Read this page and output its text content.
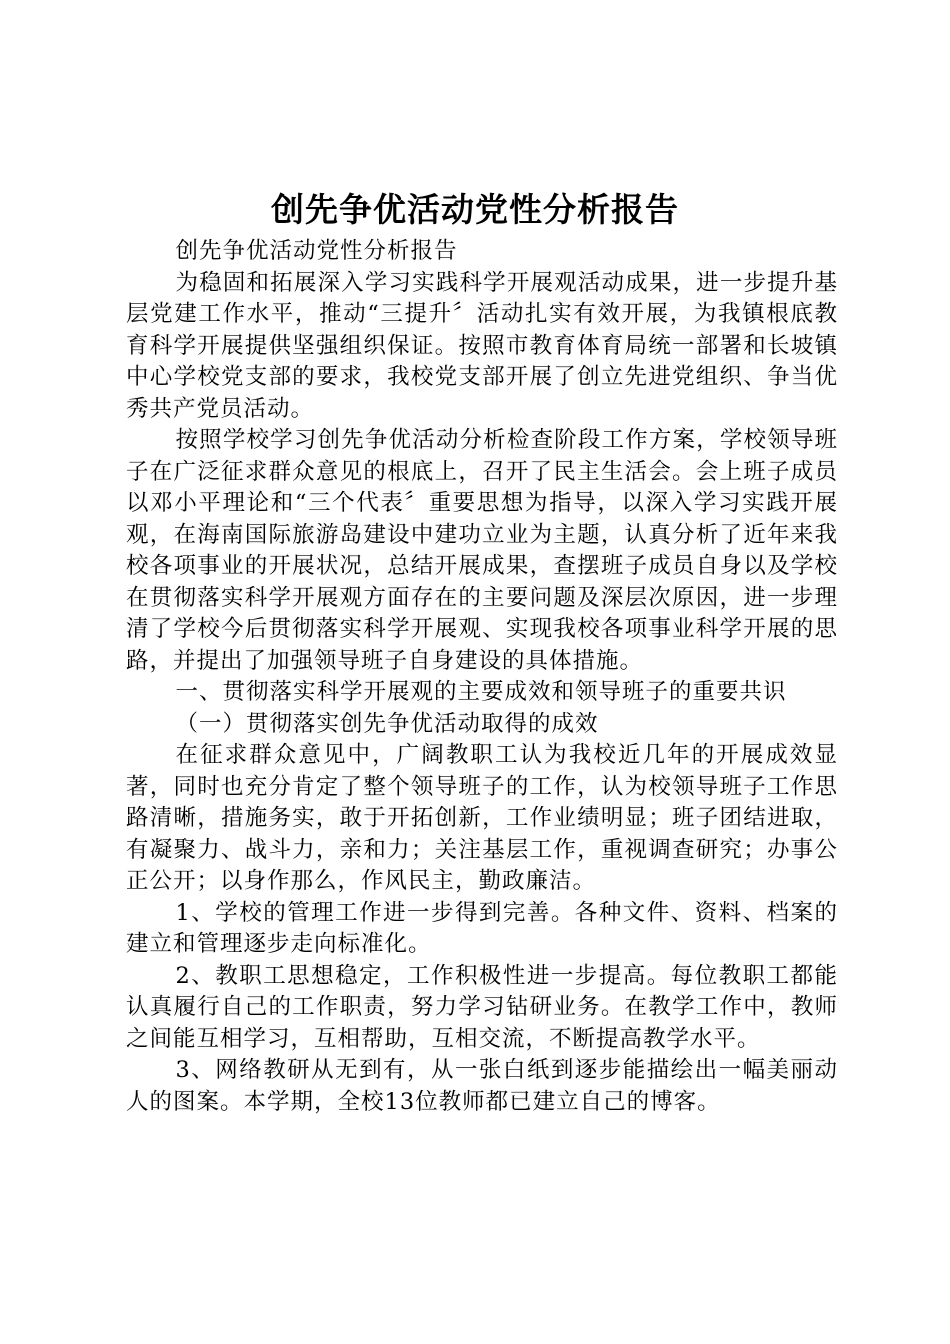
创先争优活动党性分析报告

创先争优活动党性分析报告

为稳固和拓展深入学习实践科学开展观活动成果，进一步提升基层党建工作水平，推动“三提升〞活动扎实有效开展，为我镇根底教育科学开展提供坚强组织保证。按照市教育体育局统一部署和长坡镇中心学校党支部的要求，我校党支部开展了创立先进党组织、争当优秀共产党员活动。

按照学校学习创先争优活动分析检查阶段工作方案，学校领导班子在广泛征求群众意见的根底上，召开了民主生活会。会上班子成员以邓小平理论和“三个代表〞重要思想为指导，以深入学习实践开展观，在海南国际旅游岛建设中建功立业为主题，认真分析了近年来我校各项事业的开展状况，总结开展成果，查摆班子成员自身以及学校在贯彻落实科学开展观方面存在的主要问题及深层次原因，进一步理清了学校今后贯彻落实科学开展观、实现我校各项事业科学开展的思路，并提出了加强领导班子自身建设的具体措施。

一、贯彻落实科学开展观的主要成效和领导班子的重要共识

（一）贯彻落实创先争优活动取得的成效

在征求群众意见中，广阔教职工认为我校近几年的开展成效显著，同时也充分肯定了整个领导班子的工作，认为校领导班子工作思路清晰，措施务实，敢于开拓创新，工作业绩明显；班子团结进取，有凝聚力、战斗力，亲和力；关注基层工作，重视调查研究；办事公正公开；以身作那么，作风民主，勤政廉洁。

1、学校的管理工作进一步得到完善。各种文件、资料、档案的建立和管理逐步走向标准化。

2、教职工思想稳定，工作积极性进一步提高。每位教职工都能认真履行自己的工作职责，努力学习钻研业务。在教学工作中，教师之间能互相学习，互相帮助，互相交流，不断提高教学水平。

3、网络教研从无到有，从一张白纸到逐步能描绘出一幅美丽动人的图案。本学期，全校13位教师都已建立自己的博客。
